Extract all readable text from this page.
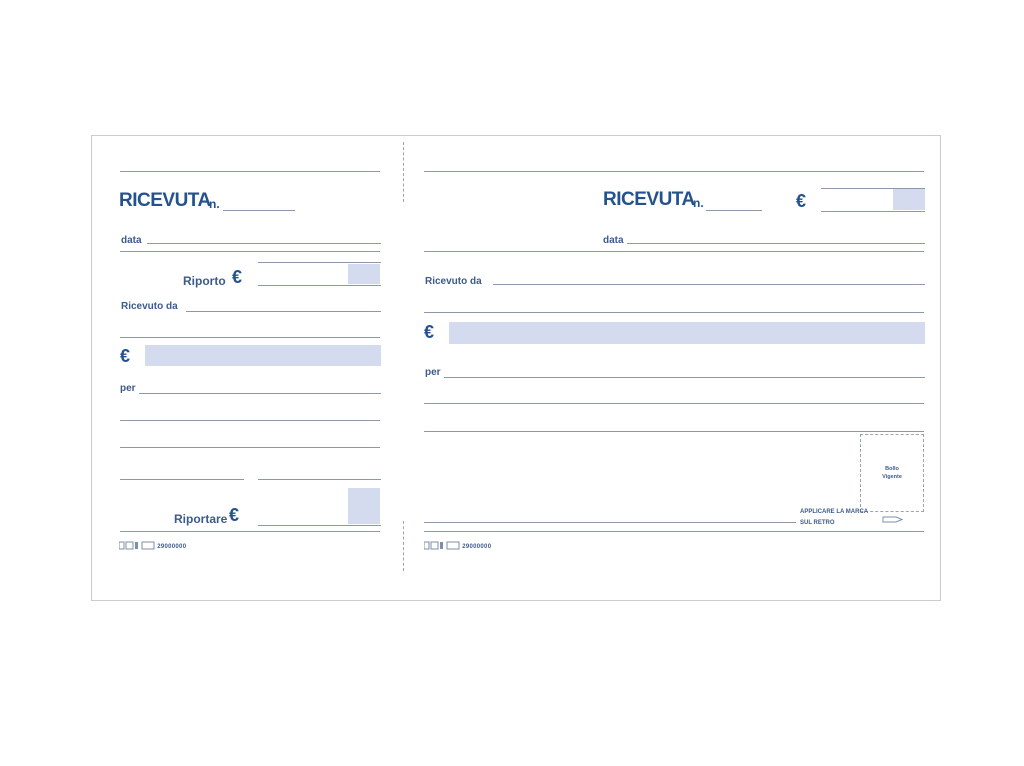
RICEVUTA
n.
data
Riporto €
Ricevuto da
€
per
Riportare €
29000000
RICEVUTA
n.	€
data
Ricevuto da
€
per
Bollo Vigente
APPLICARE LA MARCA SUL RETRO
29000000
